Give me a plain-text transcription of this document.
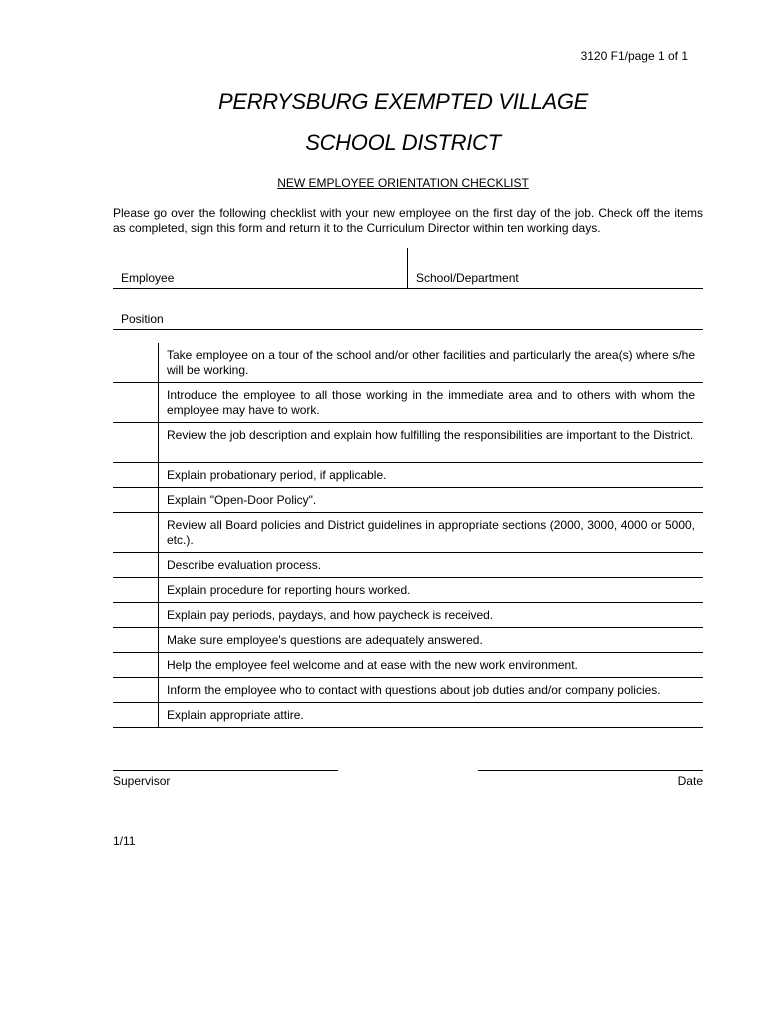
3120 F1/page 1 of 1
PERRYSBURG EXEMPTED VILLAGE
SCHOOL DISTRICT
NEW EMPLOYEE ORIENTATION CHECKLIST
Please go over the following checklist with your new employee on the first day of the job. Check off the items as completed, sign this form and return it to the Curriculum Director within ten working days.
Employee	School/Department
Position
Take employee on a tour of the school and/or other facilities and particularly the area(s) where s/he will be working.
Introduce the employee to all those working in the immediate area and to others with whom the employee may have to work.
Review the job description and explain how fulfilling the responsibilities are important to the District.
Explain probationary period, if applicable.
Explain "Open-Door Policy".
Review all Board policies and District guidelines in appropriate sections (2000, 3000, 4000 or 5000, etc.).
Describe evaluation process.
Explain procedure for reporting hours worked.
Explain pay periods, paydays, and how paycheck is received.
Make sure employee's questions are adequately answered.
Help the employee feel welcome and at ease with the new work environment.
Inform the employee who to contact with questions about job duties and/or company policies.
Explain appropriate attire.
Supervisor	Date
1/11
